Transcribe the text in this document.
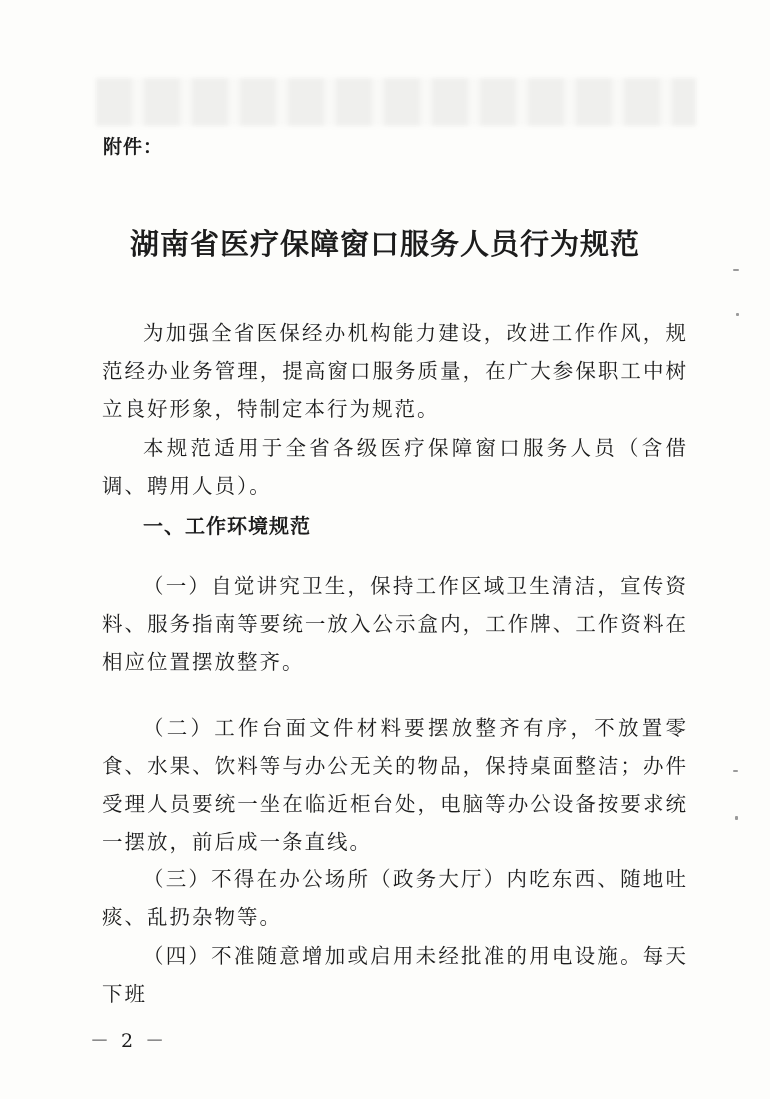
附件：
湖南省医疗保障窗口服务人员行为规范

为加强全省医保经办机构能力建设，改进工作作风，规范经办业务管理，提高窗口服务质量，在广大参保职工中树立良好形象，特制定本行为规范。

本规范适用于全省各级医疗保障窗口服务人员（含借调、聘用人员）。

一、工作环境规范

（一）自觉讲究卫生，保持工作区域卫生清洁，宣传资料、服务指南等要统一放入公示盒内，工作牌、工作资料在相应位置摆放整齐。

（二）工作台面文件材料要摆放整齐有序，不放置零食、水果、饮料等与办公无关的物品，保持桌面整洁；办件受理人员要统一坐在临近柜台处，电脑等办公设备按要求统一摆放，前后成一条直线。

（三）不得在办公场所（政务大厅）内吃东西、随地吐痰、乱扔杂物等。

（四）不准随意增加或启用未经批准的用电设施。每天下班

－ 2 －
